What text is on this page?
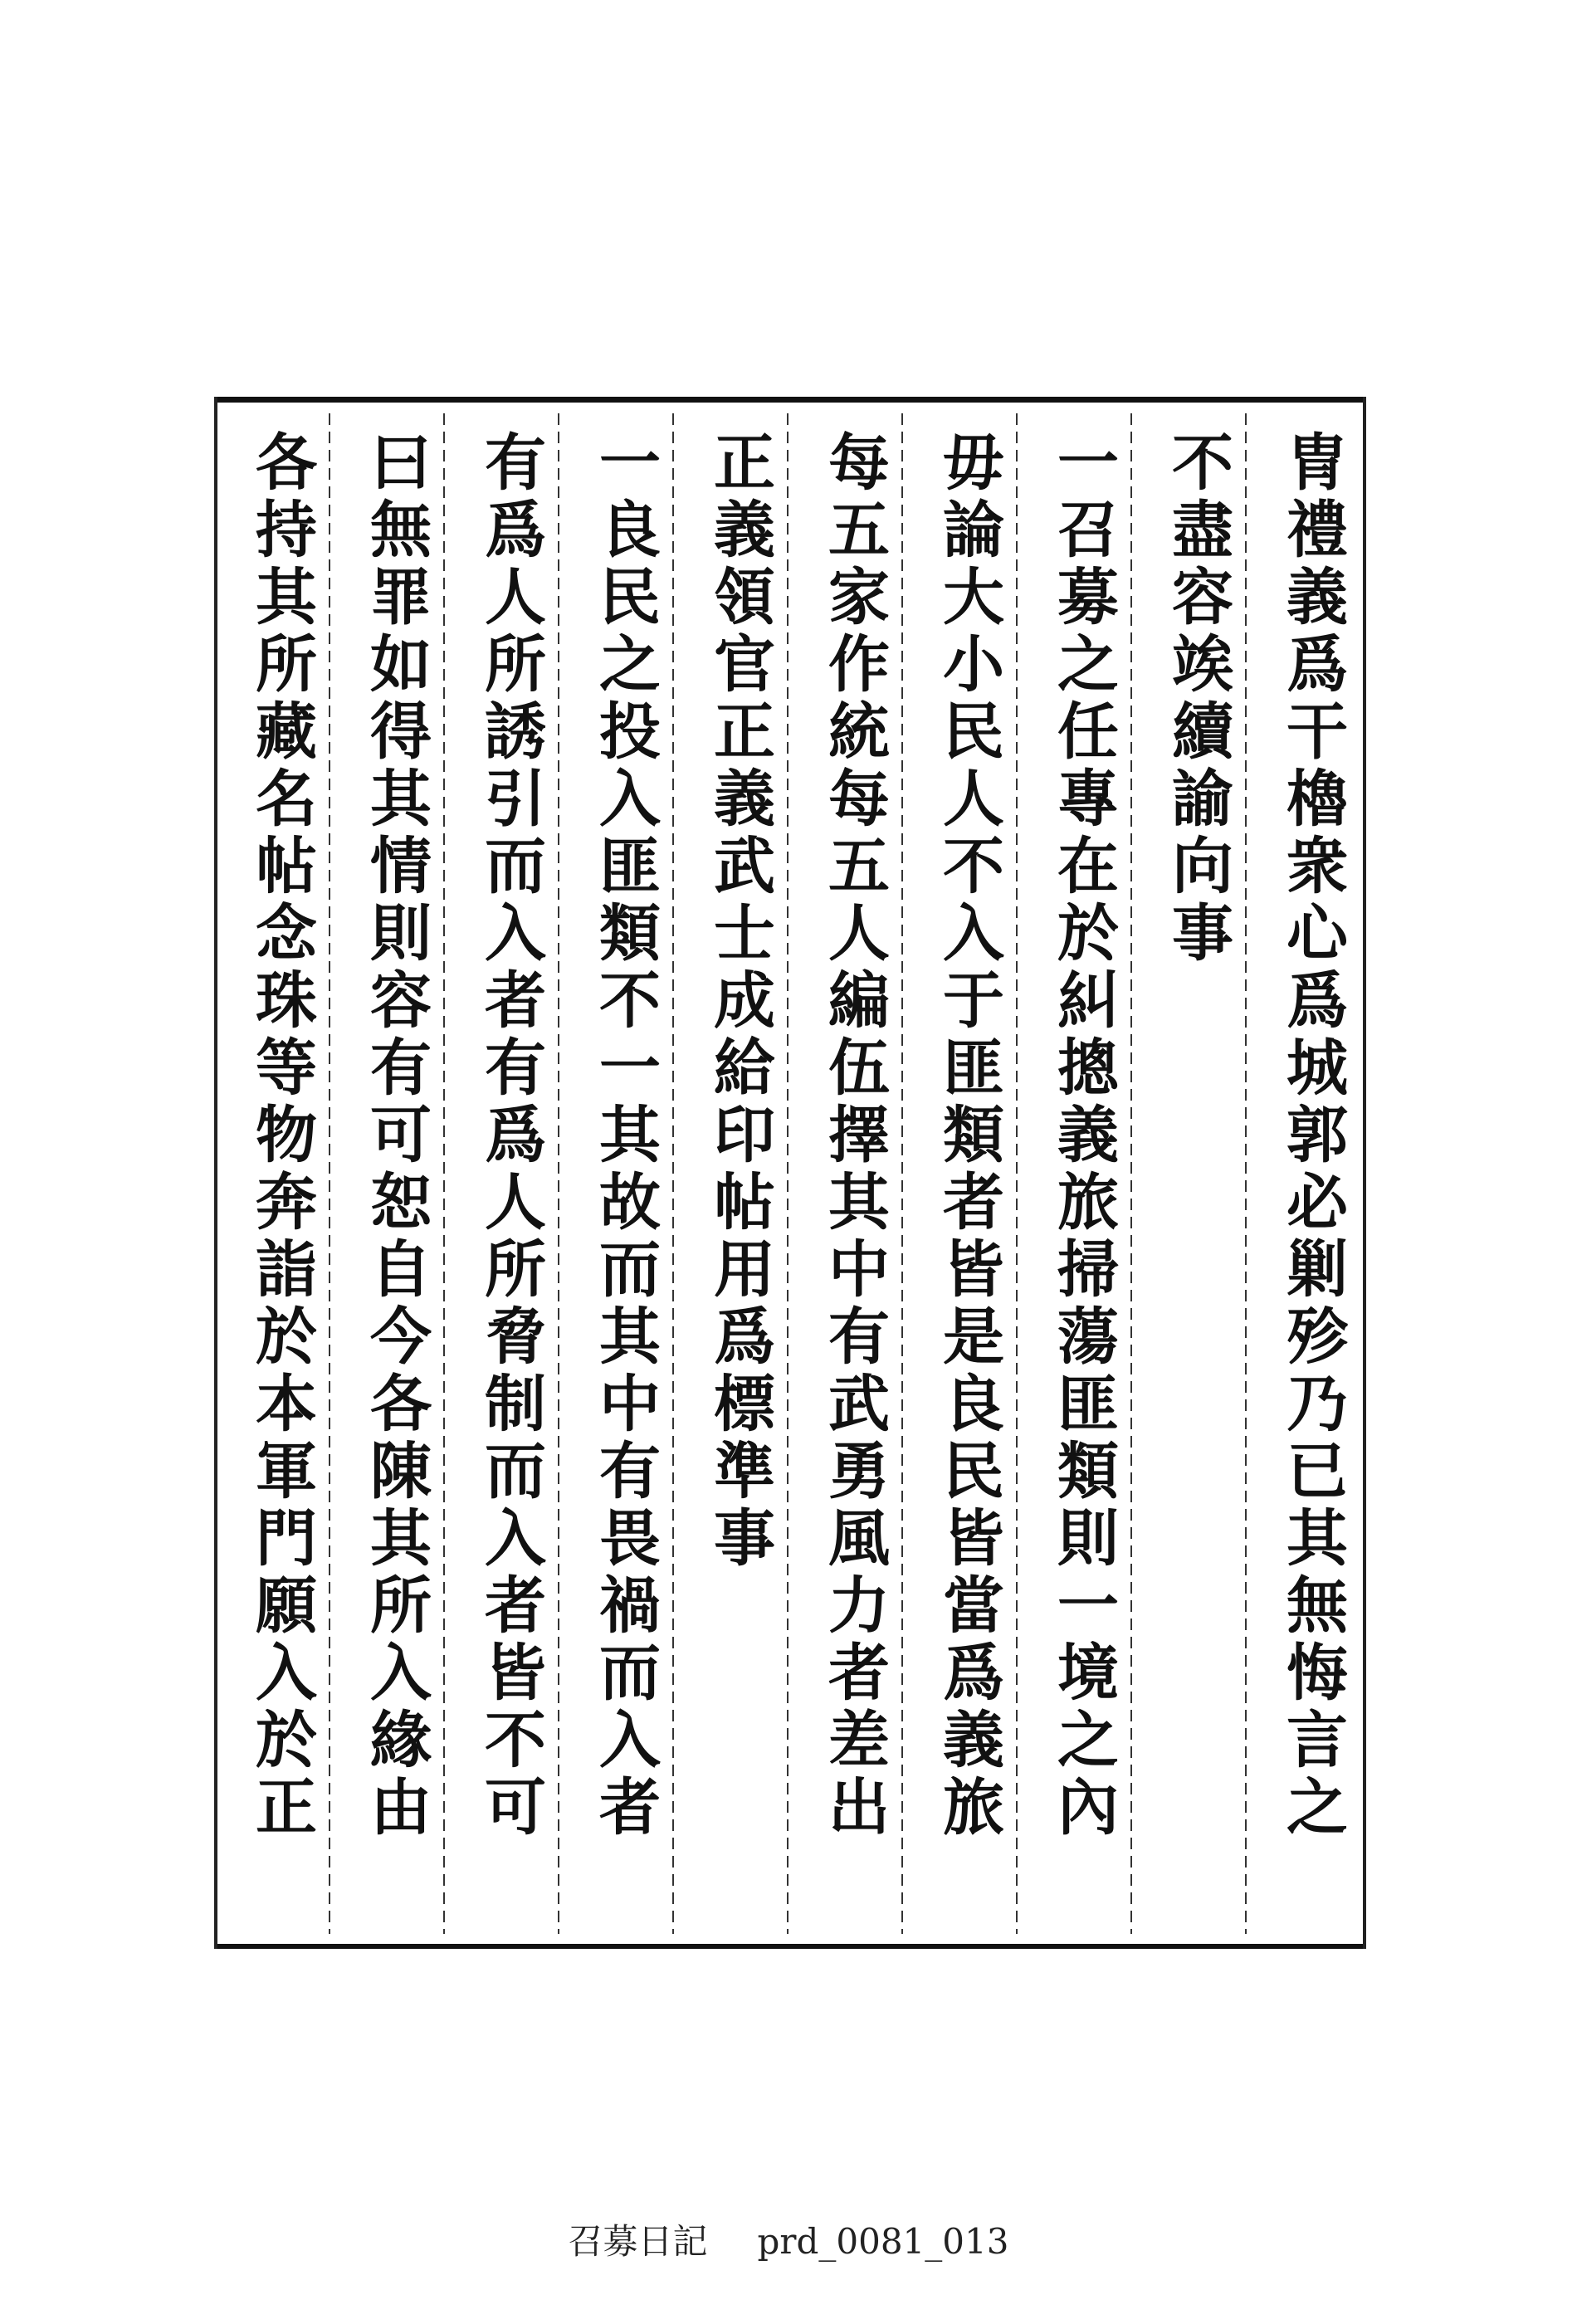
冑禮義爲干櫓衆心爲城郭必剿殄乃已其無悔言之
不盡容竢續諭向事
一召募之任專在於糾摠義旅掃蕩匪類則一境之內
毋論大小民人不入于匪類者皆是良民皆當爲義旅
每五家作統每五人編伍擇其中有武勇風力者差出
正義領官正義武士成給印帖用爲標準事
一良民之投入匪類不一其故而其中有畏禍而入者
有爲人所誘引而入者有爲人所脅制而入者皆不可
曰無罪如得其情則容有可恕自今各陳其所入緣由
各持其所藏名帖念珠等物奔詣於本軍門願入於正
召募日記 prd_0081_013
